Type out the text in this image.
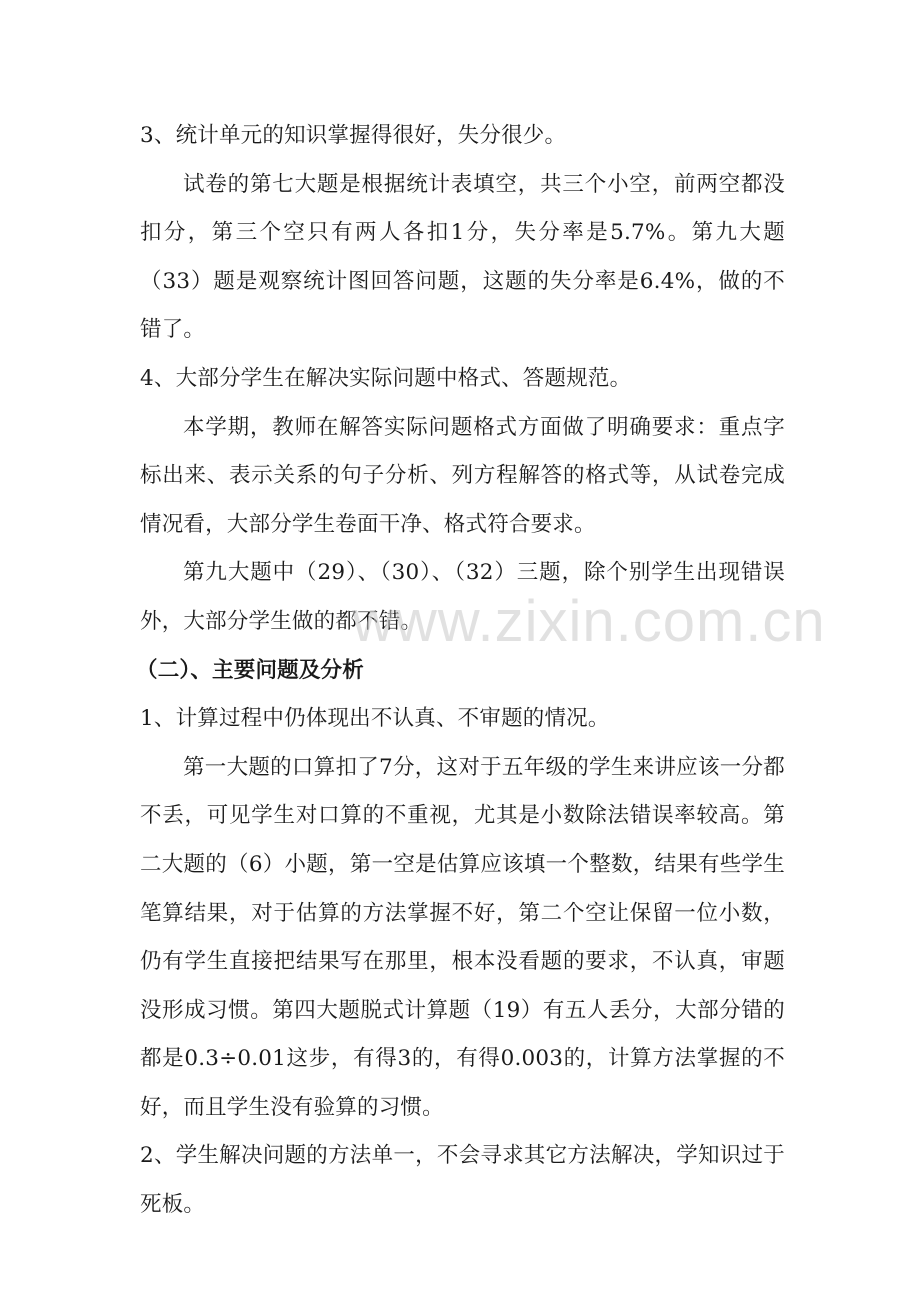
3、统计单元的知识掌握得很好，失分很少。

试卷的第七大题是根据统计表填空，共三个小空，前两空都没扣分，第三个空只有两人各扣1分，失分率是5.7%。第九大题（33）题是观察统计图回答问题，这题的失分率是6.4%，做的不错了。

4、大部分学生在解决实际问题中格式、答题规范。

本学期，教师在解答实际问题格式方面做了明确要求：重点字标出来、表示关系的句子分析、列方程解答的格式等，从试卷完成情况看，大部分学生卷面干净、格式符合要求。

第九大题中（29）、（30）、（32）三题，除个别学生出现错误外，大部分学生做的都不错。

（二）、主要问题及分析

1、计算过程中仍体现出不认真、不审题的情况。

第一大题的口算扣了7分，这对于五年级的学生来讲应该一分都不丢，可见学生对口算的不重视，尤其是小数除法错误率较高。第二大题的（6）小题，第一空是估算应该填一个整数，结果有些学生笔算结果，对于估算的方法掌握不好，第二个空让保留一位小数，仍有学生直接把结果写在那里，根本没看题的要求，不认真，审题没形成习惯。第四大题脱式计算题（19）有五人丢分，大部分错的都是0.3÷0.01这步，有得3的，有得0.003的，计算方法掌握的不好，而且学生没有验算的习惯。

2、学生解决问题的方法单一，不会寻求其它方法解决，学知识过于死板。

www.zixin.com.cn
